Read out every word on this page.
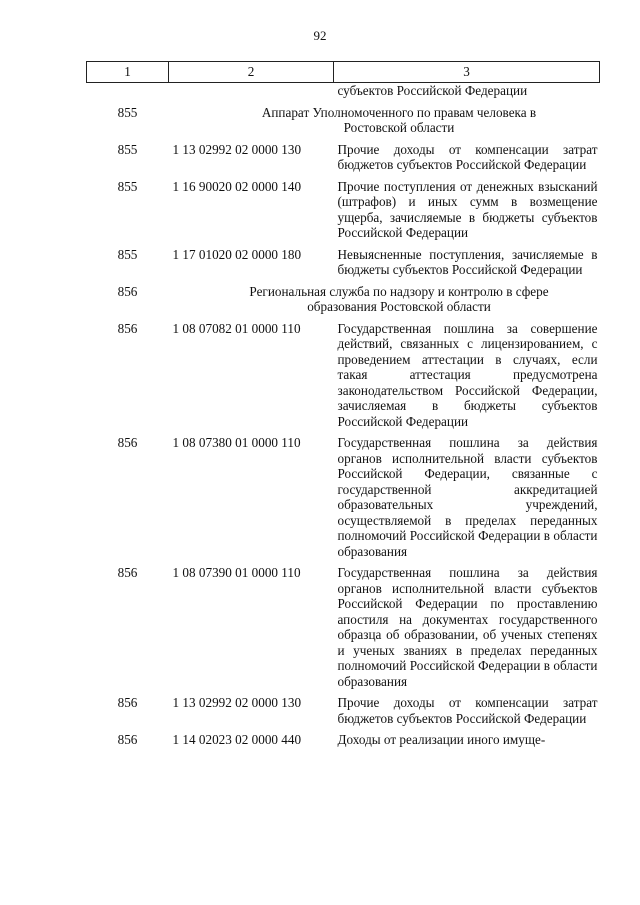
92
1	2	3
		субъектов Российской Федерации
855	Аппарат Уполномоченного по правам человека в Ростовской области	
855	1 13 02992 02 0000 130	Прочие доходы от компенсации затрат бюджетов субъектов Российской Федерации
855	1 16 90020 02 0000 140	Прочие поступления от денежных взысканий (штрафов) и иных сумм в возмещение ущерба, зачисляемые в бюджеты субъектов Российской Федерации
855	1 17 01020 02 0000 180	Невыясненные поступления, зачисляемые в бюджеты субъектов Российской Федерации
856	Региональная служба по надзору и контролю в сфере образования Ростовской области	
856	1 08 07082 01 0000 110	Государственная пошлина за совершение действий, связанных с лицензированием, с проведением аттестации в случаях, если такая аттестация предусмотрена законодательством Российской Федерации, зачисляемая в бюджеты субъектов Российской Федерации
856	1 08 07380 01 0000 110	Государственная пошлина за действия органов исполнительной власти субъектов Российской Федерации, связанные с государственной аккредитацией образовательных учреждений, осуществляемой в пределах переданных полномочий Российской Федерации в области образования
856	1 08 07390 01 0000 110	Государственная пошлина за действия органов исполнительной власти субъектов Российской Федерации по проставлению апостиля на документах государственного образца об образовании, об ученых степенях и ученых званиях в пределах переданных полномочий Российской Федерации в области образования
856	1 13 02992 02 0000 130	Прочие доходы от компенсации затрат бюджетов субъектов Российской Федерации
856	1 14 02023 02 0000 440	Доходы от реализации иного имуще-
